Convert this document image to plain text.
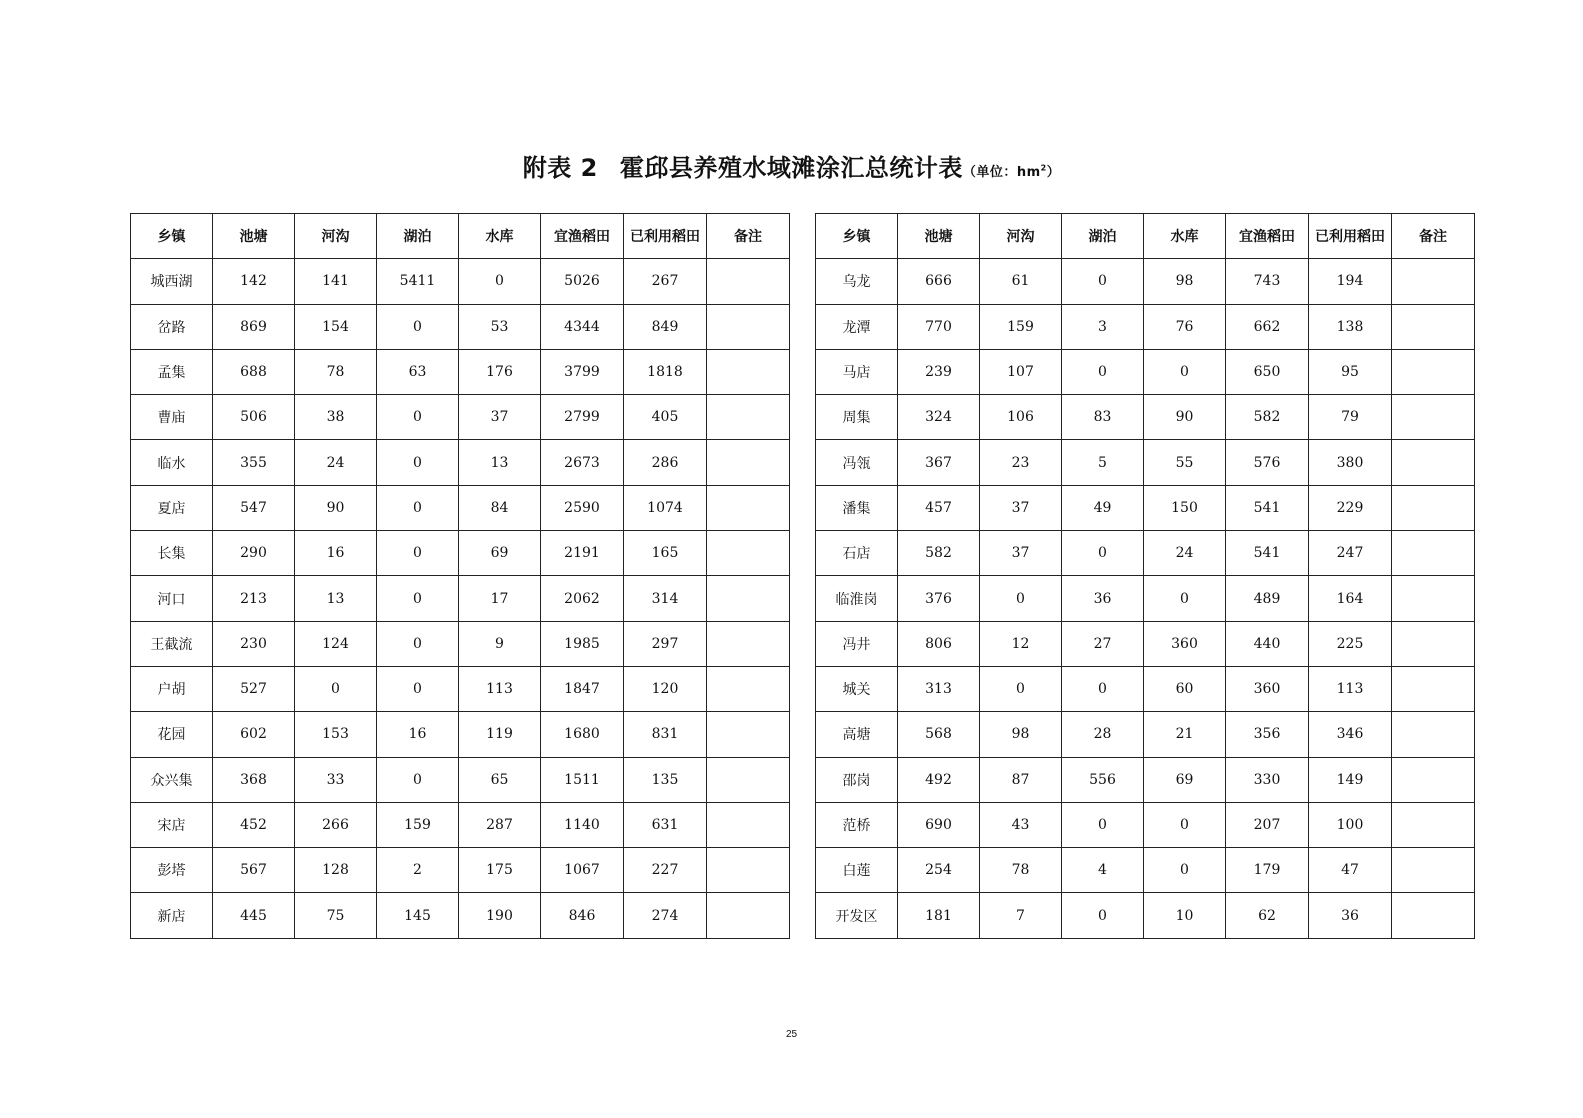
附表 2 霍邱县养殖水域滩涂汇总统计表（单位：$hm^2$）
乡镇	池塘	河沟	湖泊	水库	宜渔稻田	已利用稻田	备注
城西湖	142	141	5411	0	5026	267	
岔路	869	154	0	53	4344	849	
孟集	688	78	63	176	3799	1818	
曹庙	506	38	0	37	2799	405	
临水	355	24	0	13	2673	286	
夏店	547	90	0	84	2590	1074	
长集	290	16	0	69	2191	165	
河口	213	13	0	17	2062	314	
王截流	230	124	0	9	1985	297	
户胡	527	0	0	113	1847	120	
花园	602	153	16	119	1680	831	
众兴集	368	33	0	65	1511	135	
宋店	452	266	159	287	1140	631	
彭塔	567	128	2	175	1067	227	
新店	445	75	145	190	846	274	
乡镇	池塘	河沟	湖泊	水库	宜渔稻田	已利用稻田	备注
乌龙	666	61	0	98	743	194	
龙潭	770	159	3	76	662	138	
马店	239	107	0	0	650	95	
周集	324	106	83	90	582	79	
冯瓴	367	23	5	55	576	380	
潘集	457	37	49	150	541	229	
石店	582	37	0	24	541	247	
临淮岗	376	0	36	0	489	164	
冯井	806	12	27	360	440	225	
城关	313	0	0	60	360	113	
高塘	568	98	28	21	356	346	
邵岗	492	87	556	69	330	149	
范桥	690	43	0	0	207	100	
白莲	254	78	4	0	179	47	
开发区	181	7	0	10	62	36	
25
